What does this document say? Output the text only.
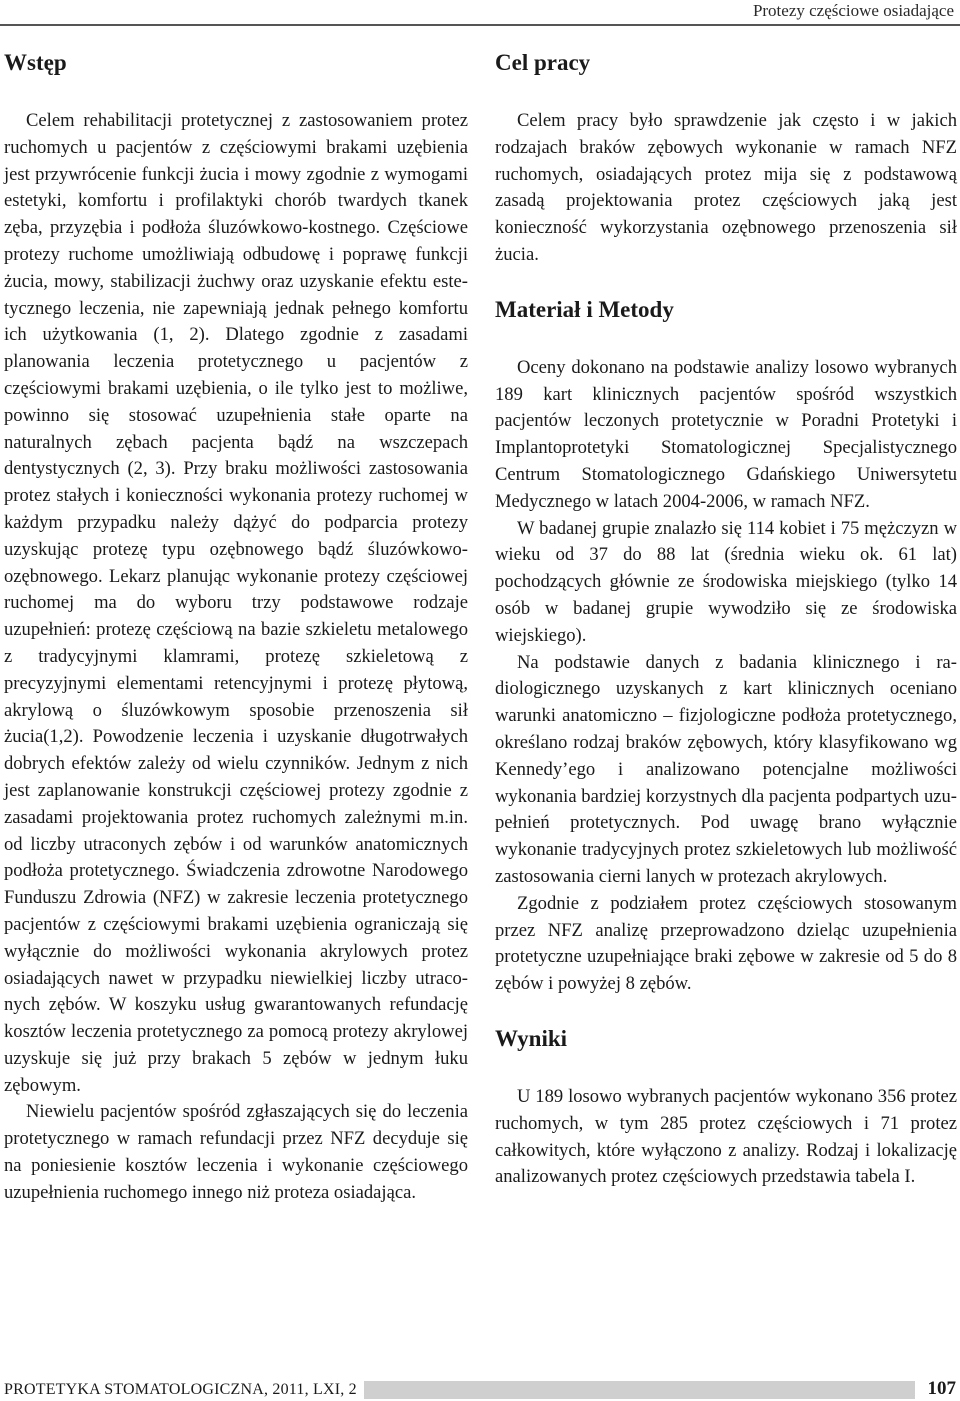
Protezy częściowe osiadające
Wstęp

Celem rehabilitacji protetycznej z zastosowaniem protez ruchomych u pacjentów z częściowymi brakami uzębienia jest przywrócenie funkcji żucia i mowy zgodnie z wymogami estetyki, komfortu i profilaktyki chorób twardych tkanek zęba, przyzębia i podłoża śluzówkowo-kostnego. Częściowe protezy ruchome umożliwiają odbudowę i poprawę funkcji żucia, mowy, stabilizacji żuchwy oraz uzyskanie efektu estetycznego leczenia, nie zapewniają jednak pełnego komfortu ich użytkowania (1, 2). Dlatego zgodnie z zasadami planowania leczenia protetycznego u pacjentów z częściowymi brakami uzębienia, o ile tylko jest to możliwe, powinno się stosować uzupełnienia stałe oparte na naturalnych zębach pacjenta bądź na wszczepach dentystycznych (2, 3). Przy braku możliwości zastosowania protez stałych i konieczności wykonania protezy ruchomej w każdym przypadku należy dążyć do podparcia protezy uzyskując protezę typu ozębnowego bądź śluzówkowo-ozębnowego. Lekarz planując wykonanie protezy częściowej ruchomej ma do wyboru trzy podstawowe rodzaje uzupełnień: protezę częściową na bazie szkieletu metalowego z tradycyjnymi klamrami, protezę szkieletową z precyzyjnymi elementami retencyjnymi i protezę płytową, akrylową o śluzówkowym sposobie przenoszenia sił żucia(1,2). Powodzenie leczenia i uzyskanie długotrwałych dobrych efektów zależy od wielu czynników. Jednym z nich jest zaplanowanie konstrukcji częściowej protezy zgodnie z zasadami projektowania protez ruchomych zależnymi m.in. od liczby utraconych zębów i od warunków anatomicznych podłoża protetycznego. Świadczenia zdrowotne Narodowego Funduszu Zdrowia (NFZ) w zakresie leczenia protetycznego pacjentów z częściowymi brakami uzębienia ograniczają się wyłącznie do możliwości wykonania akrylowych protez osiadających nawet w przypadku niewielkiej liczby utraconych zębów. W koszyku usług gwarantowanych refundację kosztów leczenia protetycznego za pomocą protezy akrylowej uzyskuje się już przy brakach 5 zębów w jednym łuku zębowym.

Niewielu pacjentów spośród zgłaszających się do leczenia protetycznego w ramach refundacji przez NFZ decyduje się na poniesienie kosztów leczenia i wykonanie częściowego uzupełnienia ruchomego innego niż proteza osiadająca.

Cel pracy

Celem pracy było sprawdzenie jak często i w jakich rodzajach braków zębowych wykonanie w ramach NFZ ruchomych, osiadających protez mija się z podstawową zasadą projektowania protez częściowych jaką jest konieczność wykorzystania ozębnowego przenoszenia sił żucia.

Materiał i Metody

Oceny dokonano na podstawie analizy losowo wybranych 189 kart klinicznych pacjentów spośród wszystkich pacjentów leczonych protetycznie w Poradni Protetyki i Implantoprotetyki Stomatologicznej Specjalistycznego Centrum Stomatologicznego Gdańskiego Uniwersytetu Medycznego w latach 2004-2006, w ramach NFZ.

W badanej grupie znalazło się 114 kobiet i 75 mężczyzn w wieku od 37 do 88 lat (średnia wieku ok. 61 lat) pochodzących głównie ze środowiska miejskiego (tylko 14 osób w badanej grupie wywodziło się ze środowiska wiejskiego).

Na podstawie danych z badania klinicznego i radiologicznego uzyskanych z kart klinicznych oceniano warunki anatomiczno – fizjologiczne podłoża protetycznego, określano rodzaj braków zębowych, który klasyfikowano wg Kennedy’ego i analizowano potencjalne możliwości wykonania bardziej korzystnych dla pacjenta podpartych uzupełnień protetycznych. Pod uwagę brano wyłącznie wykonanie tradycyjnych protez szkieletowych lub możliwość zastosowania cierni lanych w protezach akrylowych.

Zgodnie z podziałem protez częściowych stosowanym przez NFZ analizę przeprowadzono dzieląc uzupełnienia protetyczne uzupełniające braki zębowe w zakresie od 5 do 8 zębów i powyżej 8 zębów.

Wyniki

U 189 losowo wybranych pacjentów wykonano 356 protez ruchomych, w tym 285 protez częściowych i 71 protez całkowitych, które wyłączono z analizy. Rodzaj i lokalizację analizowanych protez częściowych przedstawia tabela I.

PROTETYKA STOMATOLOGICZNA, 2011, LXI, 2	107
